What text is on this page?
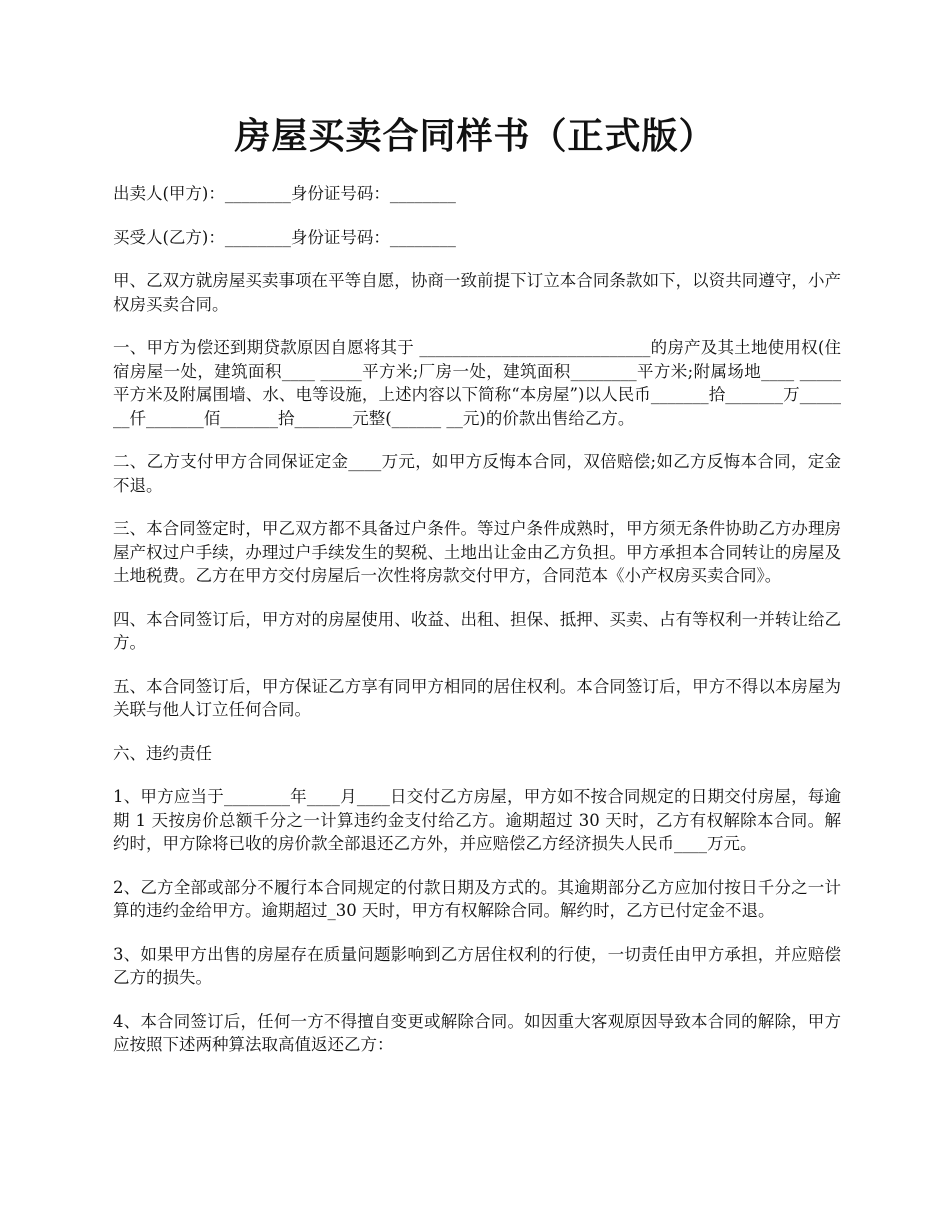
房屋买卖合同样书（正式版）

出卖人(甲方)：________身份证号码：________

买受人(乙方)：________身份证号码：________

甲、乙双方就房屋买卖事项在平等自愿，协商一致前提下订立本合同条款如下，以资共同遵守，小产权房买卖合同。

一、甲方为偿还到期贷款原因自愿将其于 ____________________________的房产及其土地使用权(住宿房屋一处，建筑面积____ _____平方米;厂房一处，建筑面积________平方米;附属场地____ _____平方米及附属围墙、水、电等设施，上述内容以下简称“本房屋”)以人民币_______拾_______万_______仟_______佰_______拾_______元整(______ __元)的价款出售给乙方。

二、乙方支付甲方合同保证定金____万元，如甲方反悔本合同，双倍赔偿;如乙方反悔本合同，定金不退。

三、本合同签定时，甲乙双方都不具备过户条件。等过户条件成熟时，甲方须无条件协助乙方办理房屋产权过户手续，办理过户手续发生的契税、土地出让金由乙方负担。甲方承担本合同转让的房屋及土地税费。乙方在甲方交付房屋后一次性将房款交付甲方，合同范本《小产权房买卖合同》。

四、本合同签订后，甲方对的房屋使用、收益、出租、担保、抵押、买卖、占有等权利一并转让给乙方。

五、本合同签订后，甲方保证乙方享有同甲方相同的居住权利。本合同签订后，甲方不得以本房屋为关联与他人订立任何合同。

六、违约责任

1、甲方应当于________年____月____日交付乙方房屋，甲方如不按合同规定的日期交付房屋，每逾期 1 天按房价总额千分之一计算违约金支付给乙方。逾期超过 30 天时，乙方有权解除本合同。解约时，甲方除将已收的房价款全部退还乙方外，并应赔偿乙方经济损失人民币____万元。

2、乙方全部或部分不履行本合同规定的付款日期及方式的。其逾期部分乙方应加付按日千分之一计算的违约金给甲方。逾期超过_30 天时，甲方有权解除合同。解约时，乙方已付定金不退。

3、如果甲方出售的房屋存在质量问题影响到乙方居住权利的行使，一切责任由甲方承担，并应赔偿乙方的损失。

4、本合同签订后，任何一方不得擅自变更或解除合同。如因重大客观原因导致本合同的解除，甲方应按照下述两种算法取高值返还乙方：
